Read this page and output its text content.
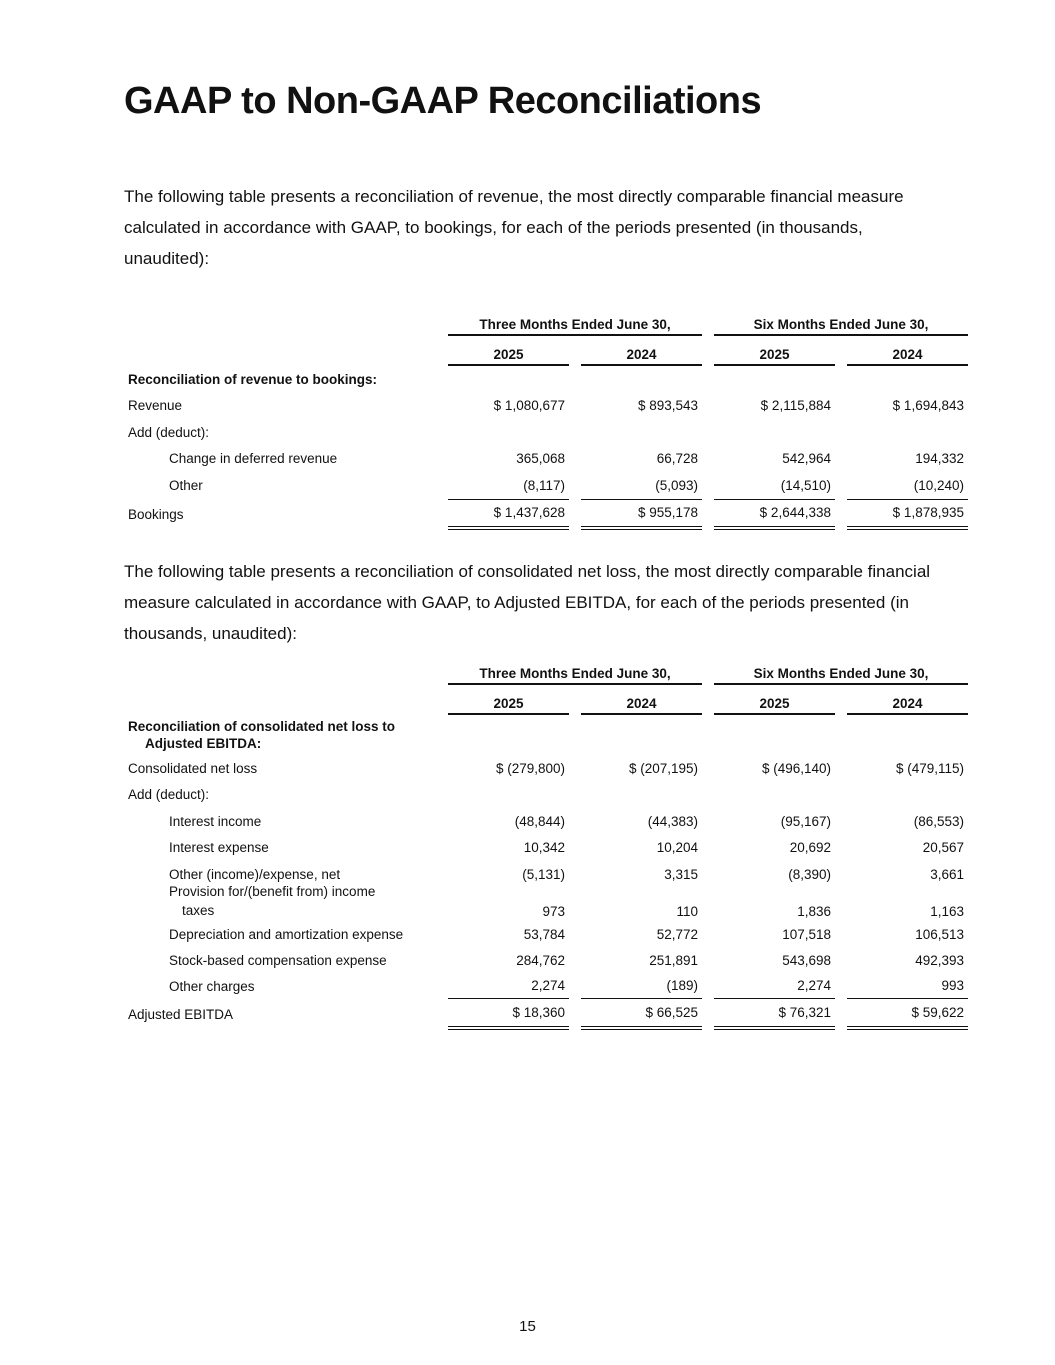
GAAP to Non-GAAP Reconciliations

The following table presents a reconciliation of revenue, the most directly comparable financial measure calculated in accordance with GAAP, to bookings, for each of the periods presented (in thousands, unaudited):

	Three Months Ended June 30,				Six Months Ended June 30,		
	2025		2024		2025		2024
Reconciliation of revenue to bookings:							
Revenue	$ 1,080,677		$ 893,543		$ 2,115,884		$ 1,694,843
Add (deduct):							
Change in deferred revenue	365,068		66,728		542,964		194,332
Other	(8,117)		(5,093)		(14,510)		(10,240)
Bookings	$ 1,437,628		$ 955,178		$ 2,644,338		$ 1,878,935

The following table presents a reconciliation of consolidated net loss, the most directly comparable financial measure calculated in accordance with GAAP, to Adjusted EBITDA, for each of the periods presented (in thousands, unaudited):

	Three Months Ended June 30,				Six Months Ended June 30,		
	2025		2024		2025		2024

Reconciliation of consolidated net loss to
Adjusted EBITDA:							

Consolidated net loss	$ (279,800)		$ (207,195)		$ (496,140)		$ (479,115)
Add (deduct):							
Interest income	(48,844)		(44,383)		(95,167)		(86,553)
Interest expense	10,342		10,204		20,692		20,567
Other (income)/expense, net	(5,131)		3,315		(8,390)		3,661

Provision for/(benefit from) income
taxes	973		110		1,836		1,163
Depreciation and amortization expense	53,784		52,772		107,518		106,513
Stock-based compensation expense	284,762		251,891		543,698		492,393
Other charges	2,274		(189)		2,274		993
Adjusted EBITDA	$ 18,360		$ 66,525		$ 76,321		$ 59,622
15
